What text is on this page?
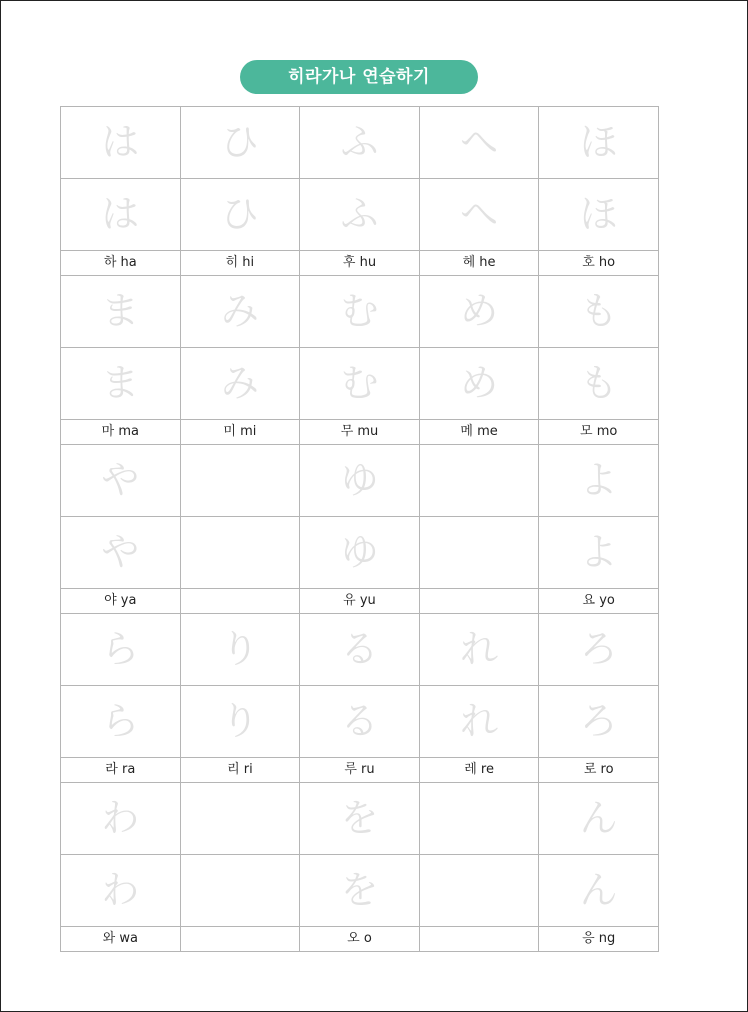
히라가나 연습하기
は	ひ	ふ	へ	ほ

は	ひ	ふ	へ	ほ

하 ha	히 hi	후 hu	헤 he	호 ho

ま	み	む	め	も

ま	み	む	め	も

마 ma	미 mi	무 mu	메 me	모 mo

や		ゆ		よ

や		ゆ		よ

야 ya		유 yu		요 yo

ら	り	る	れ	ろ

ら	り	る	れ	ろ

라 ra	리 ri	루 ru	레 re	로 ro

わ		を		ん

わ		を		ん

와 wa		오 o		응 ng
